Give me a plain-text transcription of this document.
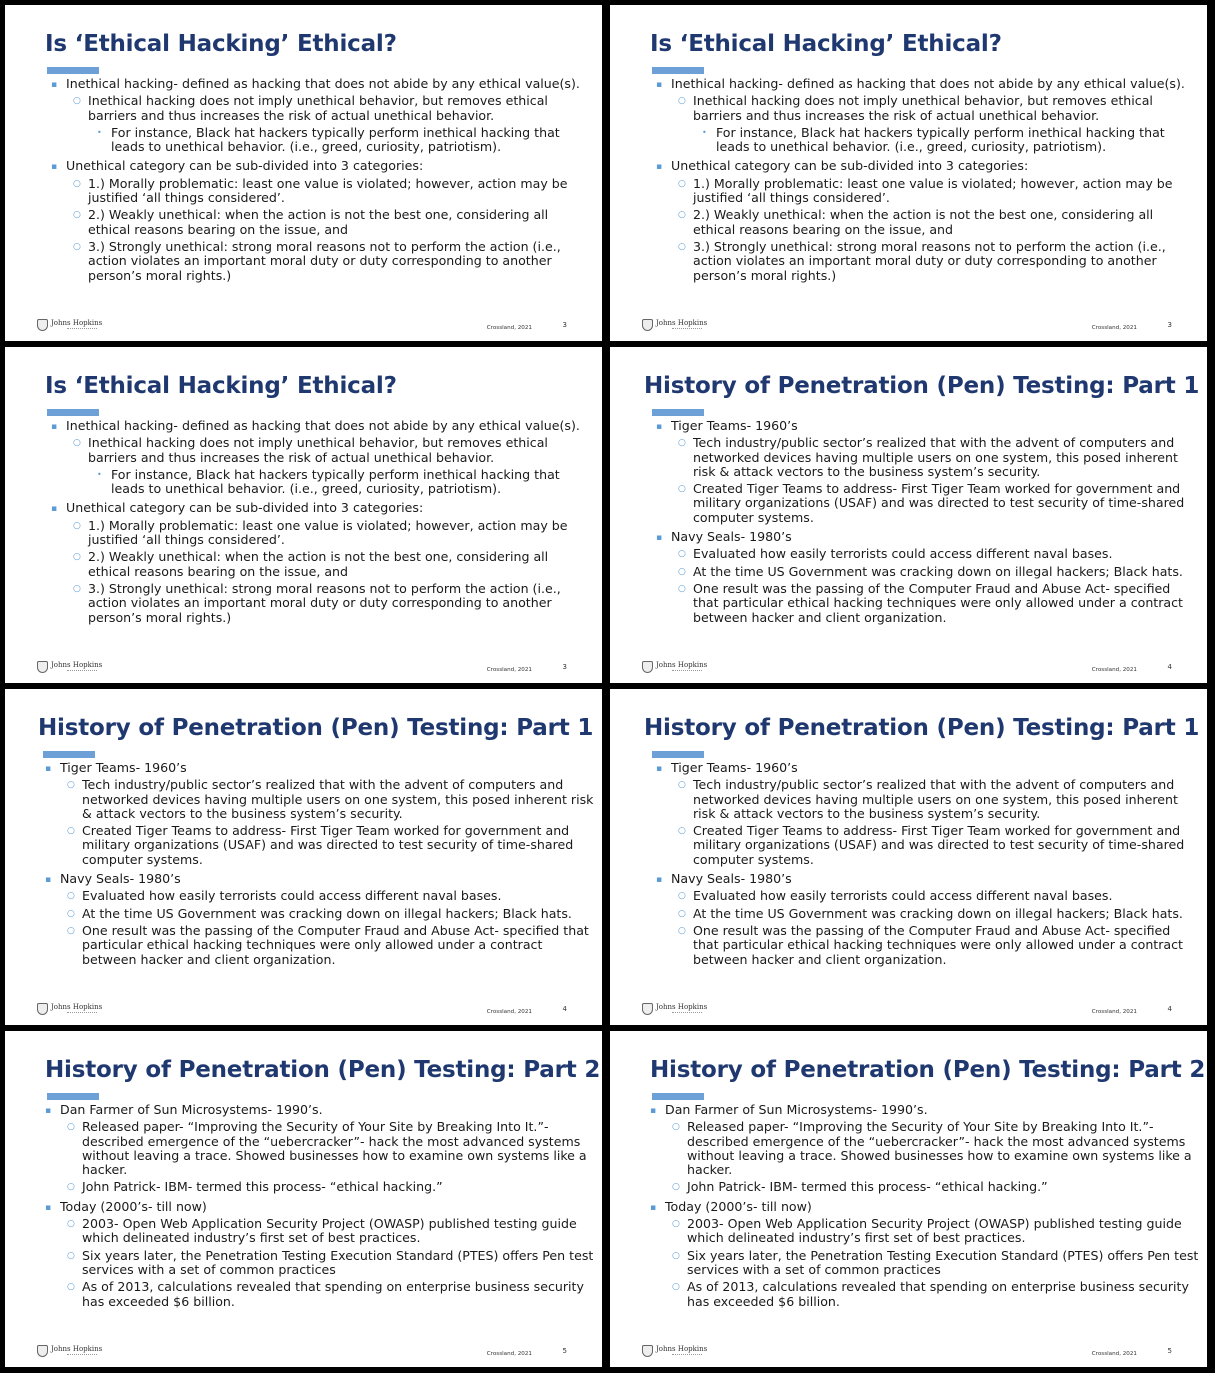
Is ‘Ethical Hacking’ Ethical?
▪ Inethical hacking- defined as hacking that does not abide by any ethical value(s).
○ Inethical hacking does not imply unethical behavior, but removes ethical barriers and thus increases the risk of actual unethical behavior.
• For instance, Black hat hackers typically perform inethical hacking that leads to unethical behavior. (i.e., greed, curiosity, patriotism).
▪ Unethical category can be sub-divided into 3 categories:
○ 1.) Morally problematic: least one value is violated; however, action may be justified ‘all things considered’.
○ 2.) Weakly unethical: when the action is not the best one, considering all ethical reasons bearing on the issue, and
○ 3.) Strongly unethical: strong moral reasons not to perform the action (i.e., action violates an important moral duty or duty corresponding to another person’s moral rights.)
Johns Hopkins
Crossland, 2021	3
Is ‘Ethical Hacking’ Ethical?
▪ Inethical hacking- defined as hacking that does not abide by any ethical value(s).
○ Inethical hacking does not imply unethical behavior, but removes ethical barriers and thus increases the risk of actual unethical behavior.
• For instance, Black hat hackers typically perform inethical hacking that leads to unethical behavior. (i.e., greed, curiosity, patriotism).
▪ Unethical category can be sub-divided into 3 categories:
○ 1.) Morally problematic: least one value is violated; however, action may be justified ‘all things considered’.
○ 2.) Weakly unethical: when the action is not the best one, considering all ethical reasons bearing on the issue, and
○ 3.) Strongly unethical: strong moral reasons not to perform the action (i.e., action violates an important moral duty or duty corresponding to another person’s moral rights.)
Johns Hopkins
Crossland, 2021	3
Is ‘Ethical Hacking’ Ethical?
▪ Inethical hacking- defined as hacking that does not abide by any ethical value(s).
○ Inethical hacking does not imply unethical behavior, but removes ethical barriers and thus increases the risk of actual unethical behavior.
• For instance, Black hat hackers typically perform inethical hacking that leads to unethical behavior. (i.e., greed, curiosity, patriotism).
▪ Unethical category can be sub-divided into 3 categories:
○ 1.) Morally problematic: least one value is violated; however, action may be justified ‘all things considered’.
○ 2.) Weakly unethical: when the action is not the best one, considering all ethical reasons bearing on the issue, and
○ 3.) Strongly unethical: strong moral reasons not to perform the action (i.e., action violates an important moral duty or duty corresponding to another person’s moral rights.)
Johns Hopkins
Crossland, 2021	3
History of Penetration (Pen) Testing: Part 1
▪ Tiger Teams- 1960’s
○ Tech industry/public sector’s realized that with the advent of computers and networked devices having multiple users on one system, this posed inherent risk & attack vectors to the business system’s security.
○ Created Tiger Teams to address- First Tiger Team worked for government and military organizations (USAF) and was directed to test security of time-shared computer systems.
▪ Navy Seals- 1980’s
○ Evaluated how easily terrorists could access different naval bases.
○ At the time US Government was cracking down on illegal hackers; Black hats.
○ One result was the passing of the Computer Fraud and Abuse Act- specified that particular ethical hacking techniques were only allowed under a contract between hacker and client organization.
Johns Hopkins
Crossland, 2021	4
History of Penetration (Pen) Testing: Part 1
▪ Tiger Teams- 1960’s
○ Tech industry/public sector’s realized that with the advent of computers and networked devices having multiple users on one system, this posed inherent risk & attack vectors to the business system’s security.
○ Created Tiger Teams to address- First Tiger Team worked for government and military organizations (USAF) and was directed to test security of time-shared computer systems.
▪ Navy Seals- 1980’s
○ Evaluated how easily terrorists could access different naval bases.
○ At the time US Government was cracking down on illegal hackers; Black hats.
○ One result was the passing of the Computer Fraud and Abuse Act- specified that particular ethical hacking techniques were only allowed under a contract between hacker and client organization.
Johns Hopkins
Crossland, 2021	4
History of Penetration (Pen) Testing: Part 1
▪ Tiger Teams- 1960’s
○ Tech industry/public sector’s realized that with the advent of computers and networked devices having multiple users on one system, this posed inherent risk & attack vectors to the business system’s security.
○ Created Tiger Teams to address- First Tiger Team worked for government and military organizations (USAF) and was directed to test security of time-shared computer systems.
▪ Navy Seals- 1980’s
○ Evaluated how easily terrorists could access different naval bases.
○ At the time US Government was cracking down on illegal hackers; Black hats.
○ One result was the passing of the Computer Fraud and Abuse Act- specified that particular ethical hacking techniques were only allowed under a contract between hacker and client organization.
Johns Hopkins
Crossland, 2021	4
History of Penetration (Pen) Testing: Part 2
▪ Dan Farmer of Sun Microsystems- 1990’s.
○ Released paper- “Improving the Security of Your Site by Breaking Into It.”- described emergence of the “uebercracker”- hack the most advanced systems without leaving a trace. Showed businesses how to examine own systems like a hacker.
○ John Patrick- IBM- termed this process- “ethical hacking.”
▪ Today (2000’s- till now)
○ 2003- Open Web Application Security Project (OWASP) published testing guide which delineated industry’s first set of best practices.
○ Six years later, the Penetration Testing Execution Standard (PTES) offers Pen test services with a set of common practices
○ As of 2013, calculations revealed that spending on enterprise business security has exceeded $6 billion.
Johns Hopkins
Crossland, 2021	5
History of Penetration (Pen) Testing: Part 2
▪ Dan Farmer of Sun Microsystems- 1990’s.
○ Released paper- “Improving the Security of Your Site by Breaking Into It.”- described emergence of the “uebercracker”- hack the most advanced systems without leaving a trace. Showed businesses how to examine own systems like a hacker.
○ John Patrick- IBM- termed this process- “ethical hacking.”
▪ Today (2000’s- till now)
○ 2003- Open Web Application Security Project (OWASP) published testing guide which delineated industry’s first set of best practices.
○ Six years later, the Penetration Testing Execution Standard (PTES) offers Pen test services with a set of common practices
○ As of 2013, calculations revealed that spending on enterprise business security has exceeded $6 billion.
Johns Hopkins
Crossland, 2021	5
